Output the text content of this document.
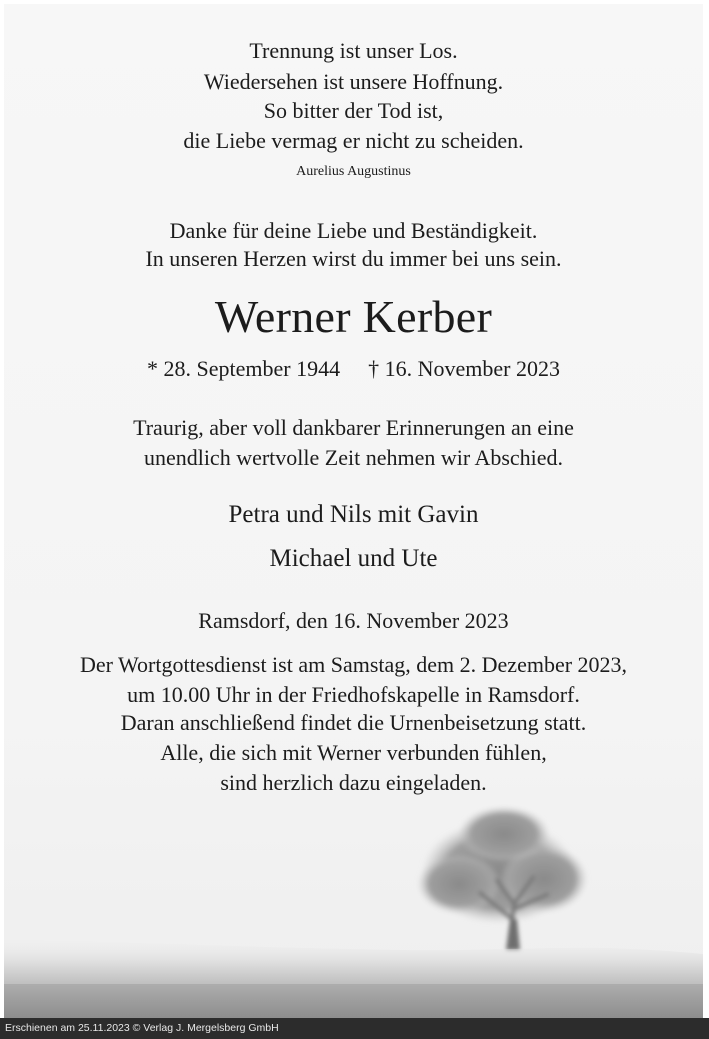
Trennung ist unser Los.
Wiedersehen ist unsere Hoffnung.
So bitter der Tod ist,
die Liebe vermag er nicht zu scheiden.
Aurelius Augustinus
Danke für deine Liebe und Beständigkeit.
In unseren Herzen wirst du immer bei uns sein.
Werner Kerber
* 28. September 1944 † 16. November 2023
Traurig, aber voll dankbarer Erinnerungen an eine
unendlich wertvolle Zeit nehmen wir Abschied.
Petra und Nils mit Gavin
Michael und Ute
Ramsdorf, den 16. November 2023
Der Wortgottesdienst ist am Samstag, dem 2. Dezember 2023,
um 10.00 Uhr in der Friedhofskapelle in Ramsdorf.
Daran anschließend findet die Urnenbeisetzung statt.
Alle, die sich mit Werner verbunden fühlen,
sind herzlich dazu eingeladen.
Erschienen am 25.11.2023 © Verlag J. Mergelsberg GmbH
